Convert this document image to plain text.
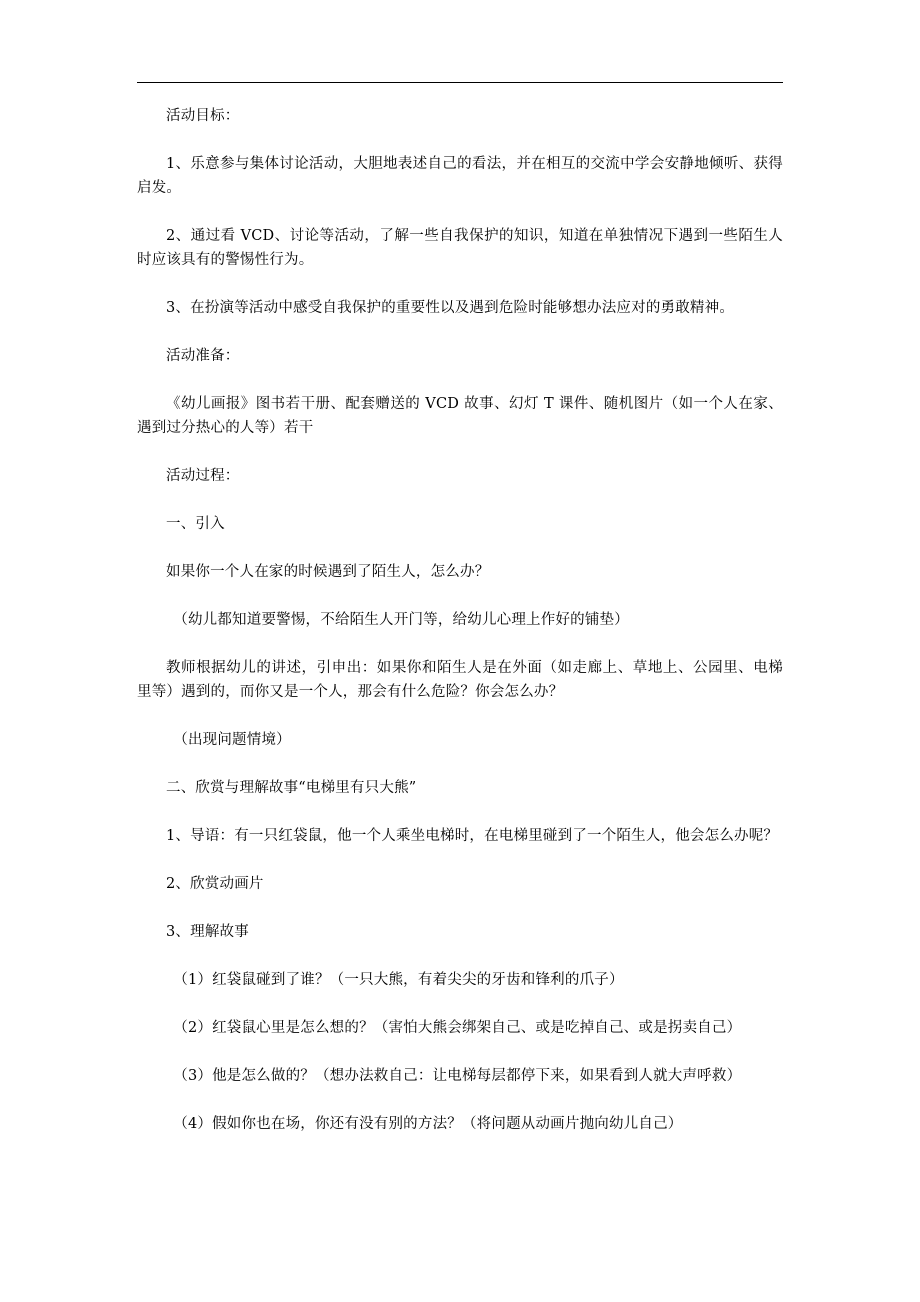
活动目标：

1、乐意参与集体讨论活动，大胆地表述自己的看法，并在相互的交流中学会安静地倾听、获得启发。

2、通过看 VCD、讨论等活动，了解一些自我保护的知识，知道在单独情况下遇到一些陌生人时应该具有的警惕性行为。

3、在扮演等活动中感受自我保护的重要性以及遇到危险时能够想办法应对的勇敢精神。

活动准备：

《幼儿画报》图书若干册、配套赠送的 VCD 故事、幻灯 T 课件、随机图片（如一个人在家、遇到过分热心的人等）若干

活动过程：

一、引入

如果你一个人在家的时候遇到了陌生人，怎么办？

（幼儿都知道要警惕，不给陌生人开门等，给幼儿心理上作好的铺垫）

教师根据幼儿的讲述，引申出：如果你和陌生人是在外面（如走廊上、草地上、公园里、电梯里等）遇到的，而你又是一个人，那会有什么危险？你会怎么办？

（出现问题情境）

二、欣赏与理解故事“电梯里有只大熊”

1、导语：有一只红袋鼠，他一个人乘坐电梯时，在电梯里碰到了一个陌生人，他会怎么办呢？

2、欣赏动画片

3、理解故事

（1）红袋鼠碰到了谁？（一只大熊，有着尖尖的牙齿和锋利的爪子）

（2）红袋鼠心里是怎么想的？（害怕大熊会绑架自己、或是吃掉自己、或是拐卖自己）

（3）他是怎么做的？（想办法救自己：让电梯每层都停下来，如果看到人就大声呼救）

（4）假如你也在场，你还有没有别的方法？（将问题从动画片抛向幼儿自己）
